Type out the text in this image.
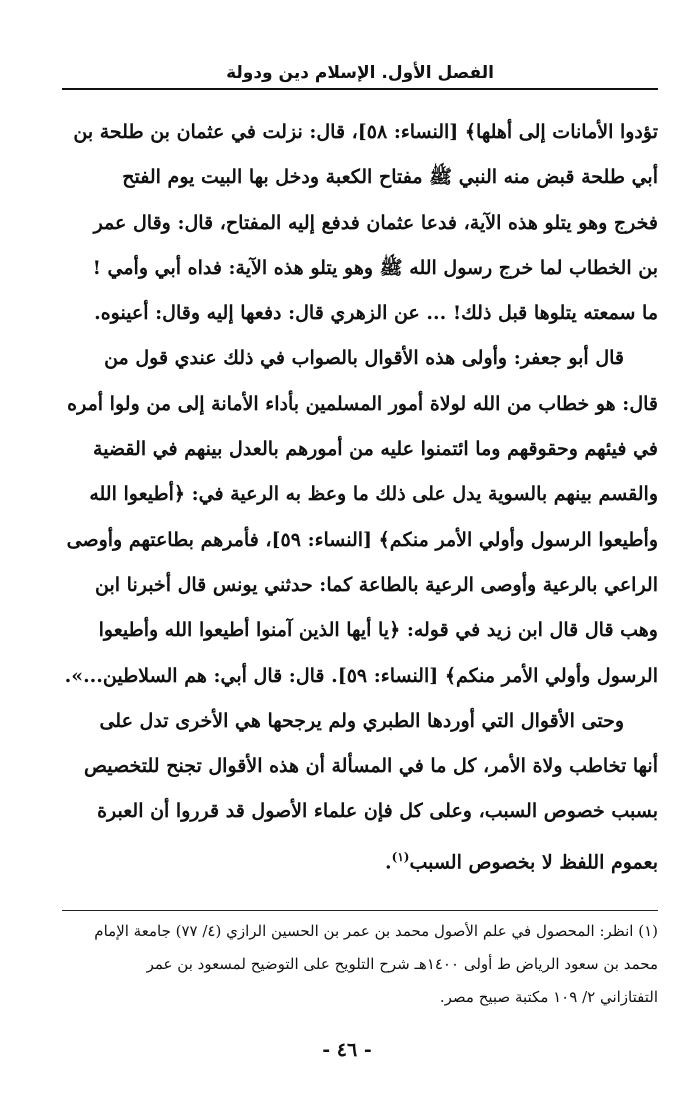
الفصل الأول. الإسلام دين ودولة
تؤدوا الأمانات إلى أهلها﴾ [النساء: ٥٨]، قال: نزلت في عثمان بن طلحة بن
أبي طلحة قبض منه النبي ﷺ مفتاح الكعبة ودخل بها البيت يوم الفتح
فخرج وهو يتلو هذه الآية، فدعا عثمان فدفع إليه المفتاح، قال: وقال عمر
بن الخطاب لما خرج رسول الله ﷺ وهو يتلو هذه الآية: فداه أبي وأمي !
ما سمعته يتلوها قبل ذلك! ... عن الزهري قال: دفعها إليه وقال: أعينوه.
قال أبو جعفر: وأولى هذه الأقوال بالصواب في ذلك عندي قول من
قال: هو خطاب من الله لولاة أمور المسلمين بأداء الأمانة إلى من ولوا أمره
في فيئهم وحقوقهم وما ائتمنوا عليه من أمورهم بالعدل بينهم في القضية
والقسم بينهم بالسوية يدل على ذلك ما وعظ به الرعية في: ﴿أطيعوا الله
وأطيعوا الرسول وأولي الأمر منكم﴾ [النساء: ٥٩]، فأمرهم بطاعتهم وأوصى
الراعي بالرعية وأوصى الرعية بالطاعة كما: حدثني يونس قال أخبرنا ابن
وهب قال قال ابن زيد في قوله: ﴿يا أيها الذين آمنوا أطيعوا الله وأطيعوا
الرسول وأولي الأمر منكم﴾ [النساء: ٥٩]. قال: قال أبي: هم السلاطين...».
وحتى الأقوال التي أوردها الطبري ولم يرجحها هي الأخرى تدل على
أنها تخاطب ولاة الأمر، كل ما في المسألة أن هذه الأقوال تجنح للتخصيص
بسبب خصوص السبب، وعلى كل فإن علماء الأصول قد قرروا أن العبرة
بعموم اللفظ لا بخصوص السبب$^{(١)}$.
(١) انظر: المحصول في علم الأصول محمد بن عمر بن الحسين الرازي (٤/ ٧٧) جامعة الإمام
محمد بن سعود الرياض ط أولى ١٤٠٠هـ شرح التلويح على التوضيح لمسعود بن عمر
التفتازاني ٢/ ١٠٩ مكتبة صبيح مصر.
- ٤٦ -
